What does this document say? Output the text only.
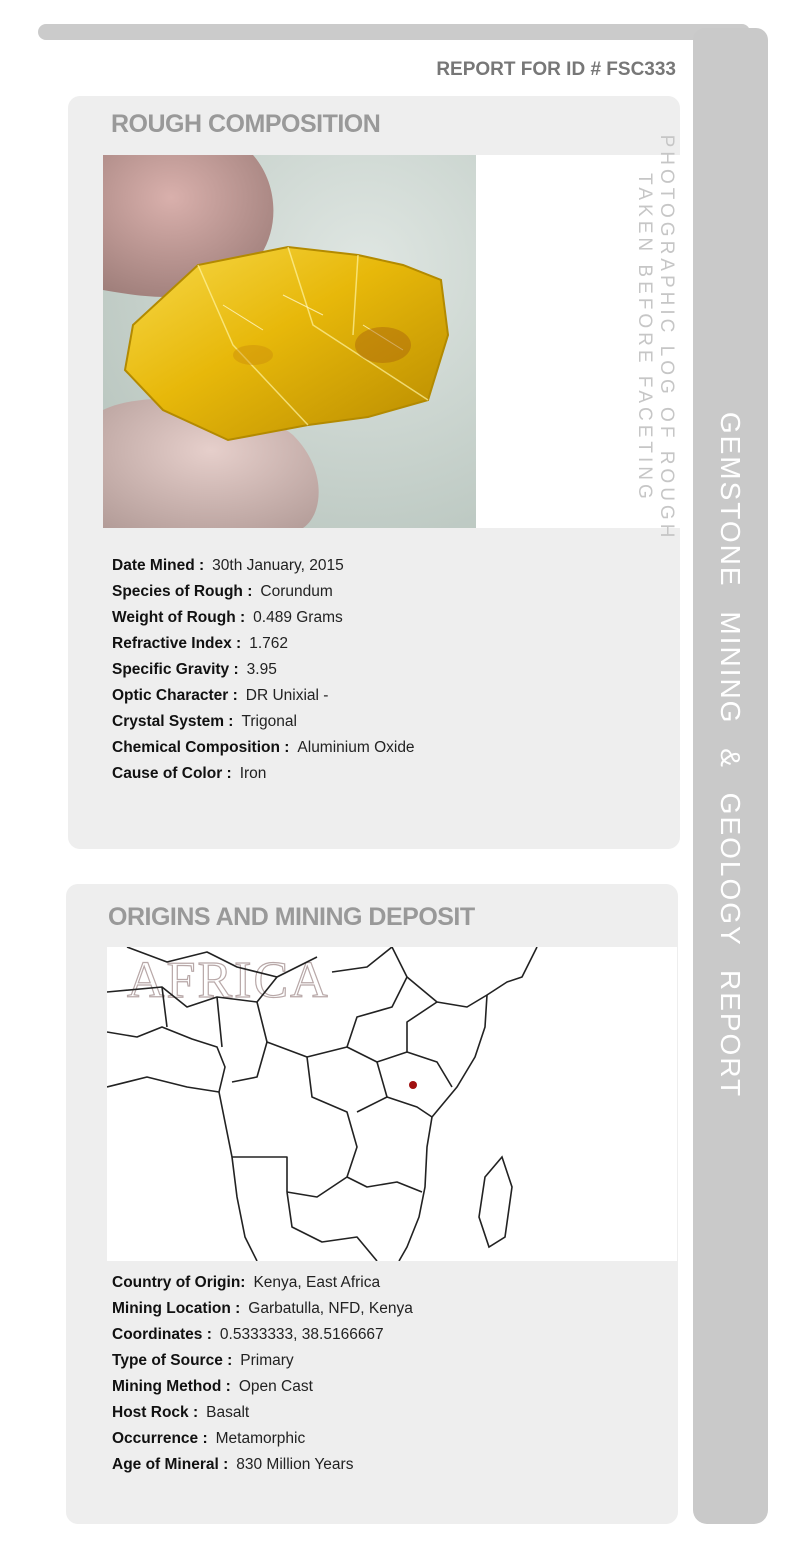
GEMSTONE MINING & GEOLOGY REPORT
REPORT FOR ID # FSC333
ROUGH COMPOSITION
PHOTOGRAPHIC LOG OF ROUGH
TAKEN BEFORE FACETING
Date Mined : 30th January, 2015
Species of Rough : Corundum
Weight of Rough : 0.489 Grams
Refractive Index : 1.762
Specific Gravity : 3.95
Optic Character : DR Unixial -
Crystal System : Trigonal
Chemical Composition : Aluminium Oxide
Cause of Color : Iron
ORIGINS AND MINING DEPOSIT
AFRICA
Country of Origin: Kenya, East Africa
Mining Location : Garbatulla, NFD, Kenya
Coordinates : 0.5333333, 38.5166667
Type of Source : Primary
Mining Method : Open Cast
Host Rock : Basalt
Occurrence : Metamorphic
Age of Mineral : 830 Million Years
